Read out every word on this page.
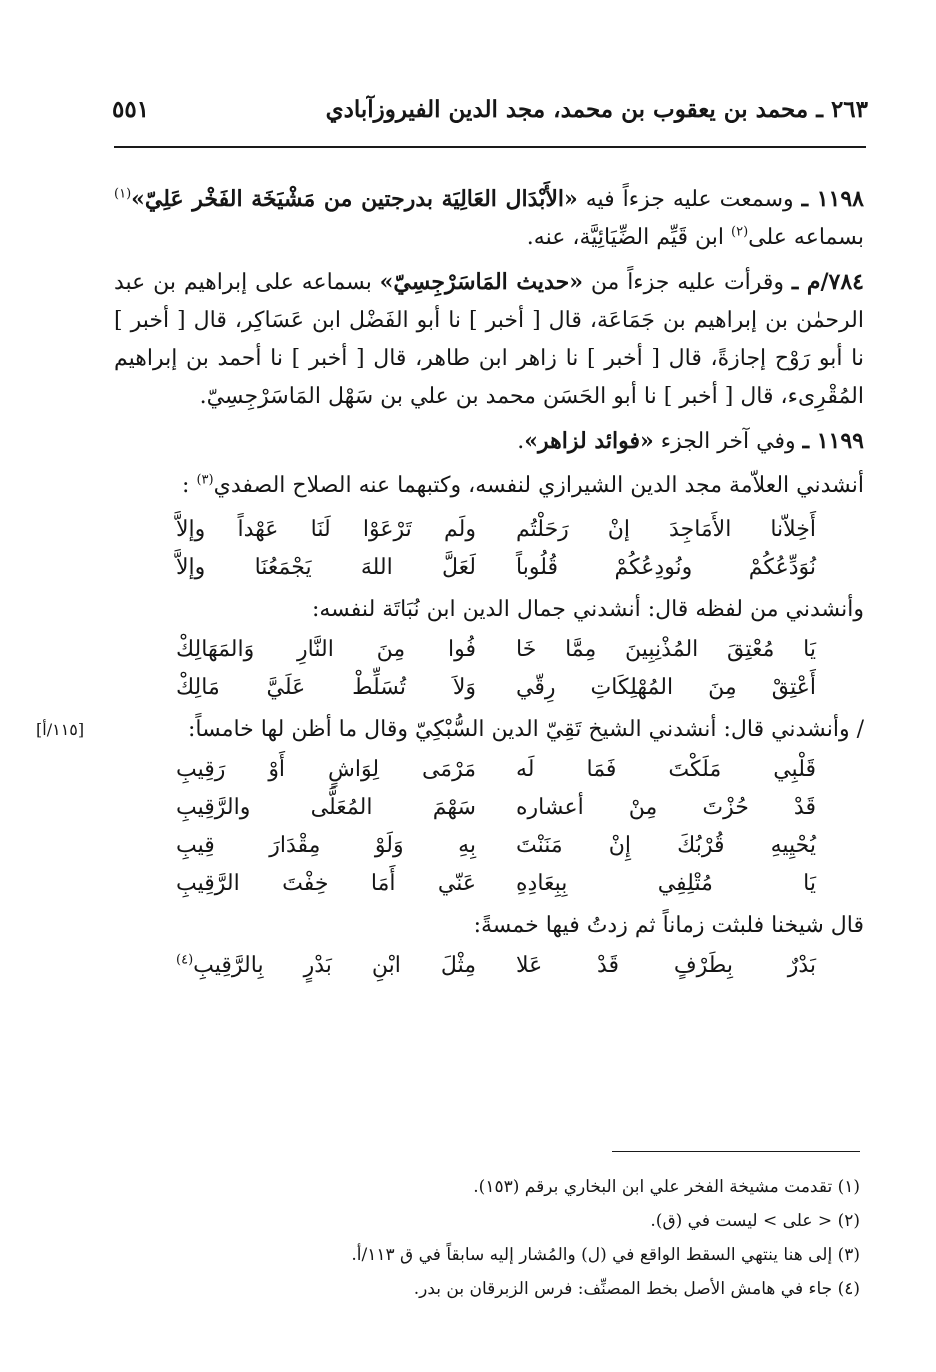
٢٦٣ ـ محمد بن يعقوب بن محمد، مجد الدين الفيروزآبادي
٥٥١

١١٩٨ ـ وسمعت عليه جزءاً فيه «الأَبْدَال العَالِيَة بدرجتين من مَشْيَخَة الفَخْر عَلِيّ»$^{(١)}$ بسماعه على$^{(٢)}$ ابن قَيِّم الضِّيَائِيَّة، عنه.

٧٨٤/م ـ وقرأت عليه جزءاً من «حديث المَاسَرْجِسِيّ» بسماعه على إبراهيم بن عبد الرحمٰن بن إبراهيم بن جَمَاعَة، قال [ أخبر ] نا أبو الفَضْل ابن عَسَاكِر، قال [ أخبر ] نا أبو رَوْح إجازةً، قال [ أخبر ] نا زاهر ابن طاهر، قال [ أخبر ] نا أحمد بن إبراهيم المُقْرِىء، قال [ أخبر ] نا أبو الحَسَن محمد بن علي بن سَهْل المَاسَرْجِسِيّ.

١١٩٩ ـ وفي آخر الجزء «فوائد لزاهر».

أنشدني العلاّمة مجد الدين الشيرازي لنفسه، وكتبهما عنه الصلاح الصفدي$^{(٣)}$ :

أَخِلاّنا الأَمَاجِدَ إنْ رَحَلْتُم
ولَم تَرْعَوْا لَنَا عَهْداً وإلاَّ
نُوَدِّعُكُمْ ونُودِعُكُمْ قُلُوباً
لَعَلَّ اللهَ يَجْمَعُنَا وإلاَّ
وأنشدني من لفظه قال: أنشدني جمال الدين ابن نُبَاتَة لنفسه:
يَا مُعْتِقَ المُذْنِبِينَ مِمَّا خَا
فُوا مِنَ النَّارِ وَالمَهَالِكْ
أَعْتِقْ مِنَ المُهْلِكَاتِ رِقّي
وَلاَ تُسَلِّطْ عَلَيَّ مَالِكْ
/ وأنشدني قال: أنشدني الشيخ تَقِيّ الدين السُّبْكِيّ وقال ما أظن لها خامساً:
[١١٥/أ]
قَلْبِي مَلَكْتَ فَمَا لَه
مَرْمَى لِوَاشٍ أَوْ رَقِيبِ
قَدْ حُزْتَ مِنْ أعشاره
سَهْمَ المُعَلَّى والرَّقِيبِ
يُحْيِيهِ قُرْبُكَ إِنْ مَنَنْتَ
بِهِ وَلَوْ مِقْدَارَ قِيبِ
يَا مُتْلِفِي بِبِعَادِهِ
عَنّي أَمَا خِفْتَ الرَّقِيبِ
قال شيخنا فلبثت زماناً ثم زدتُ فيها خمسةً:
بَدْرٌ بِطَرْفٍ قَدْ عَلا
مِثْلَ ابْنِ بَدْرٍ بِالرَّقِيبِ$^{(٤)}$

(١) تقدمت مشيخة الفخر علي ابن البخاري برقم (١٥٣).

(٢) < على > ليست في (ق).

(٣) إلى هنا ينتهي السقط الواقع في (ل) والمُشار إليه سابقاً في ق ١١٣/أ.

(٤) جاء في هامش الأصل بخط المصنِّف: فرس الزبرقان بن بدر.
